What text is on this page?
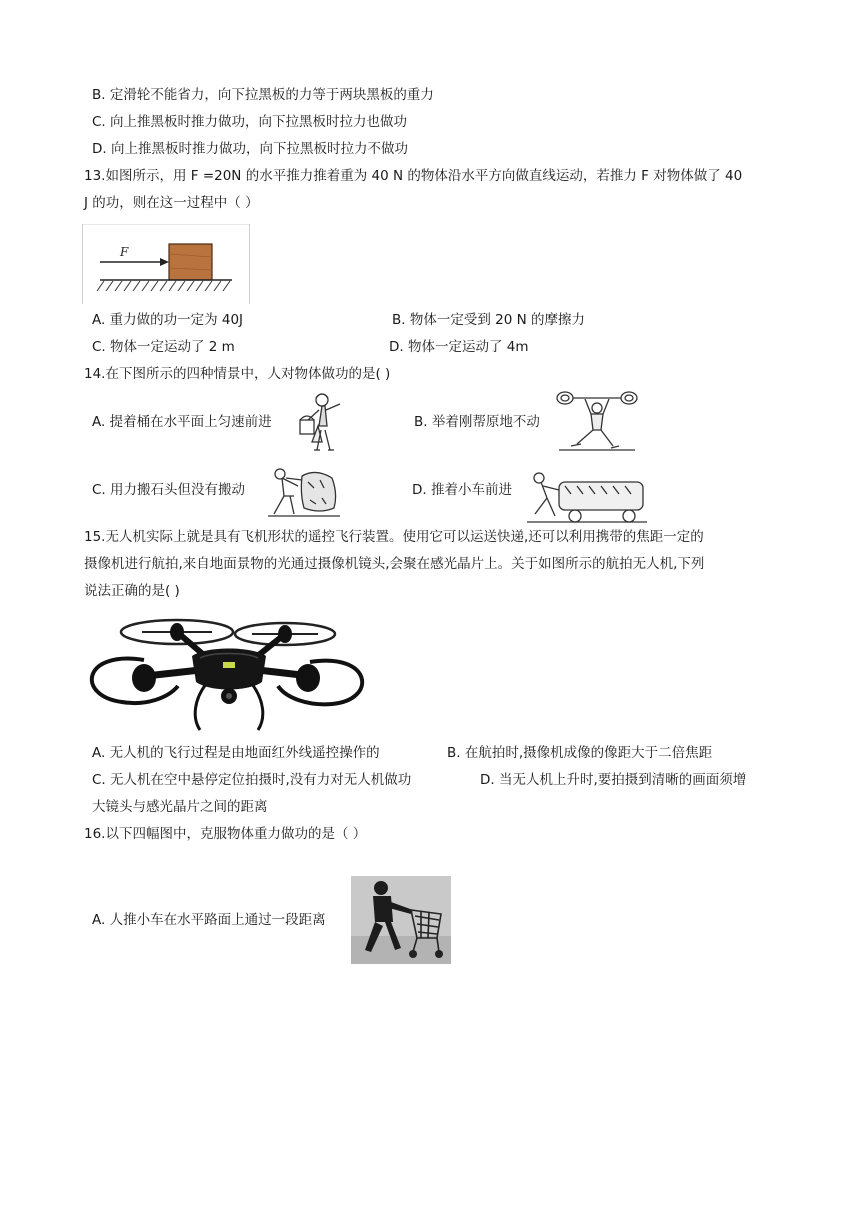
B. 定滑轮不能省力，向下拉黑板的力等于两块黑板的重力
C. 向上推黑板时推力做功，向下拉黑板时拉力也做功
D. 向上推黑板时推力做功，向下拉黑板时拉力不做功
13.如图所示，用 F =20N 的水平推力推着重为 40 N 的物体沿水平方向做直线运动，若推力 F 对物体做了 40
J 的功，则在这一过程中（ ）
F
A. 重力做的功一定为 40J	B. 物体一定受到 20 N 的摩擦力
C. 物体一定运动了 2 m	D. 物体一定运动了 4m
14.在下图所示的四种情景中，人对物体做功的是( )
A. 提着桶在水平面上匀速前进	B. 举着刚帮原地不动
C. 用力搬石头但没有搬动	D. 推着小车前进
15.无人机实际上就是具有飞机形状的遥控飞行装置。使用它可以运送快递,还可以利用携带的焦距一定的
摄像机进行航拍,来自地面景物的光通过摄像机镜头,会聚在感光晶片上。关于如图所示的航拍无人机,下列
说法正确的是( )
A. 无人机的飞行过程是由地面红外线遥控操作的	B. 在航拍时,摄像机成像的像距大于二倍焦距
C. 无人机在空中悬停定位拍摄时,没有力对无人机做功	D. 当无人机上升时,要拍摄到清晰的画面须增
大镜头与感光晶片之间的距离
16.以下四幅图中，克服物体重力做功的是（ ）
A. 人推小车在水平路面上通过一段距离
